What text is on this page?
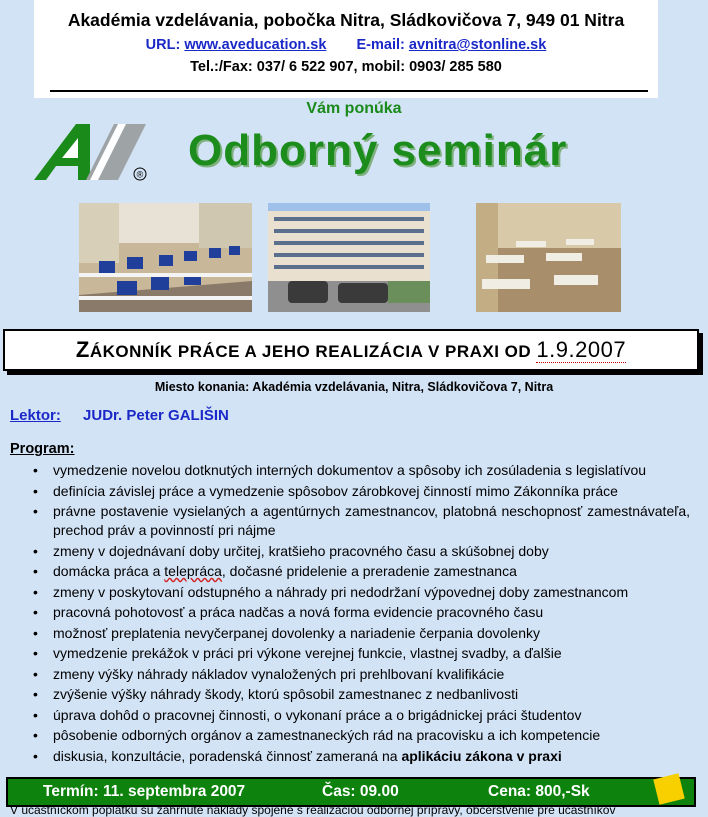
Akadémia vzdelávania, pobočka Nitra, Sládkovičova 7, 949 01 Nitra
URL: www.aveducation.sk E-mail: avnitra@stonline.sk
Tel.:/Fax: 037/ 6 522 907, mobil: 0903/ 285 580
Vám ponúka
® Odborný seminár
ZÁKONNÍK PRÁCE A JEHO REALIZÁCIA V PRAXI OD 1.9.2007
Miesto konania: Akadémia vzdelávania, Nitra, Sládkovičova 7, Nitra
Lektor: JUDr. Peter GALIŠIN
Program:
• vymedzenie novelou dotknutých interných dokumentov a spôsoby ich zosúladenia s legislatívou
• definícia závislej práce a vymedzenie spôsobov zárobkovej činností mimo Zákonníka práce
• právne postavenie vysielaných a agentúrnych zamestnancov, platobná neschopnosť zamestnávateľa, prechod práv a povinností pri nájme
• zmeny v dojednávaní doby určitej, kratšieho pracovného času a skúšobnej doby
• domácka práca a telepráca, dočasné pridelenie a preradenie zamestnanca
• zmeny v poskytovaní odstupného a náhrady pri nedodržaní výpovednej doby zamestnancom
• pracovná pohotovosť a práca nadčas a nová forma evidencie pracovného času
• možnosť preplatenia nevyčerpanej dovolenky a nariadenie čerpania dovolenky
• vymedzenie prekážok v práci pri výkone verejnej funkcie, vlastnej svadby, a ďalšie
• zmeny výšky náhrady nákladov vynaložených pri prehlbovaní kvalifikácie
• zvýšenie výšky náhrady škody, ktorú spôsobil zamestnanec z nedbanlivosti
• úprava dohôd o pracovnej činnosti, o vykonaní práce a o brigádnickej práci študentov
• pôsobenie odborných orgánov a zamestnaneckých rád na pracovisku a ich kompetencie
• diskusia, konzultácie, poradenská činnosť zameraná na aplikáciu zákona v praxi
Termín: 11. septembra 2007	Čas: 09.00	Cena: 800,-Sk
V účastníckom poplatku sú zahrnuté náklady spojené s realizáciou odbornej prípravy, občerstvenie pre účastníkov
